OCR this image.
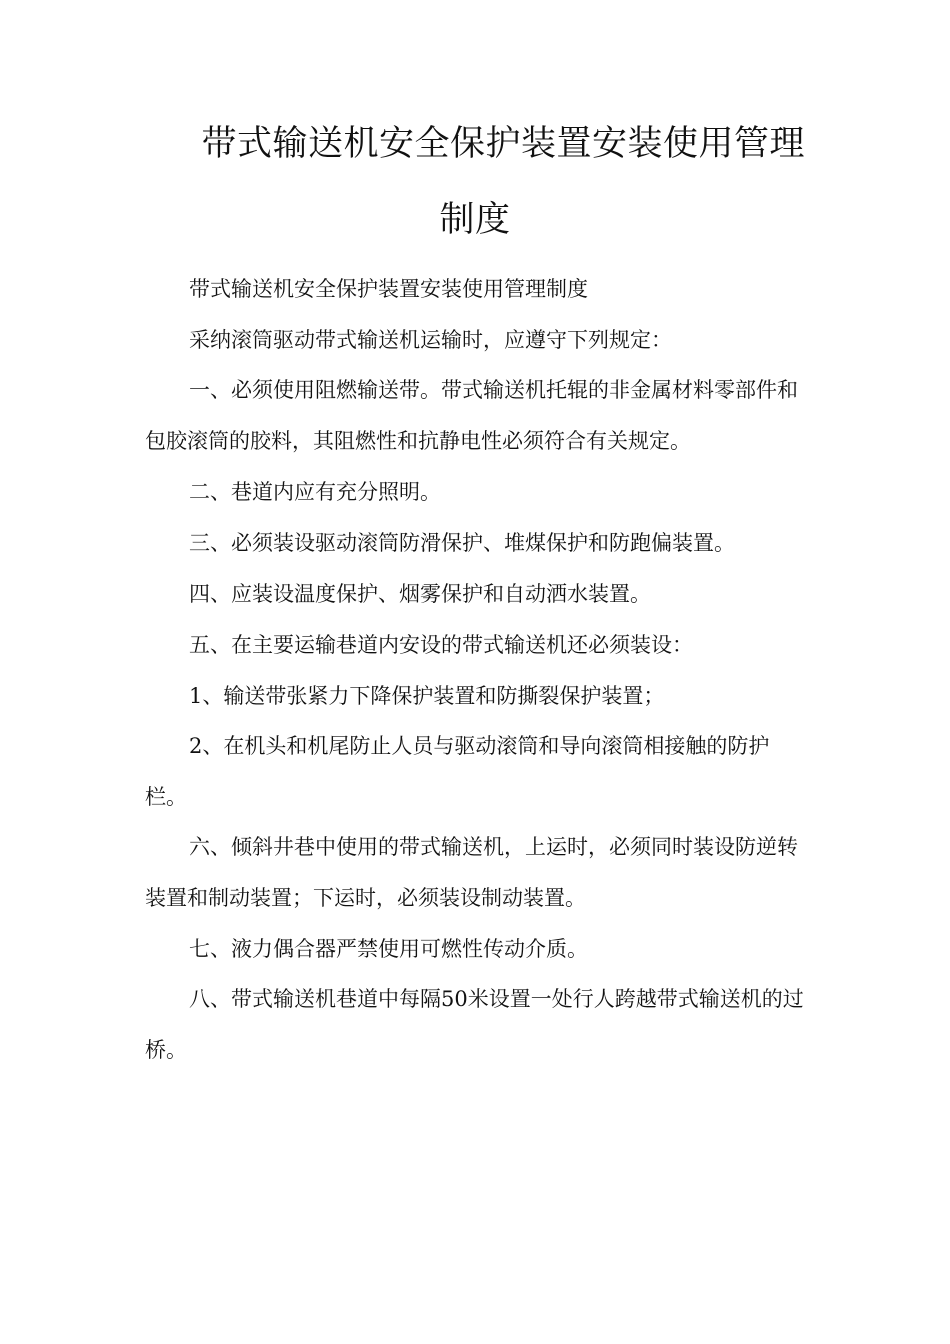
带式输送机安全保护装置安装使用管理
制度

带式输送机安全保护装置安装使用管理制度

采纳滚筒驱动带式输送机运输时，应遵守下列规定：

一、必须使用阻燃输送带。带式输送机托辊的非金属材料零部件和包胶滚筒的胶料，其阻燃性和抗静电性必须符合有关规定。

二、巷道内应有充分照明。

三、必须装设驱动滚筒防滑保护、堆煤保护和防跑偏装置。

四、应装设温度保护、烟雾保护和自动洒水装置。

五、在主要运输巷道内安设的带式输送机还必须装设：

1、输送带张紧力下降保护装置和防撕裂保护装置；

2、在机头和机尾防止人员与驱动滚筒和导向滚筒相接触的防护栏。

六、倾斜井巷中使用的带式输送机，上运时，必须同时装设防逆转装置和制动装置；下运时，必须装设制动装置。

七、液力偶合器严禁使用可燃性传动介质。

八、带式输送机巷道中每隔50米设置一处行人跨越带式输送机的过桥。
